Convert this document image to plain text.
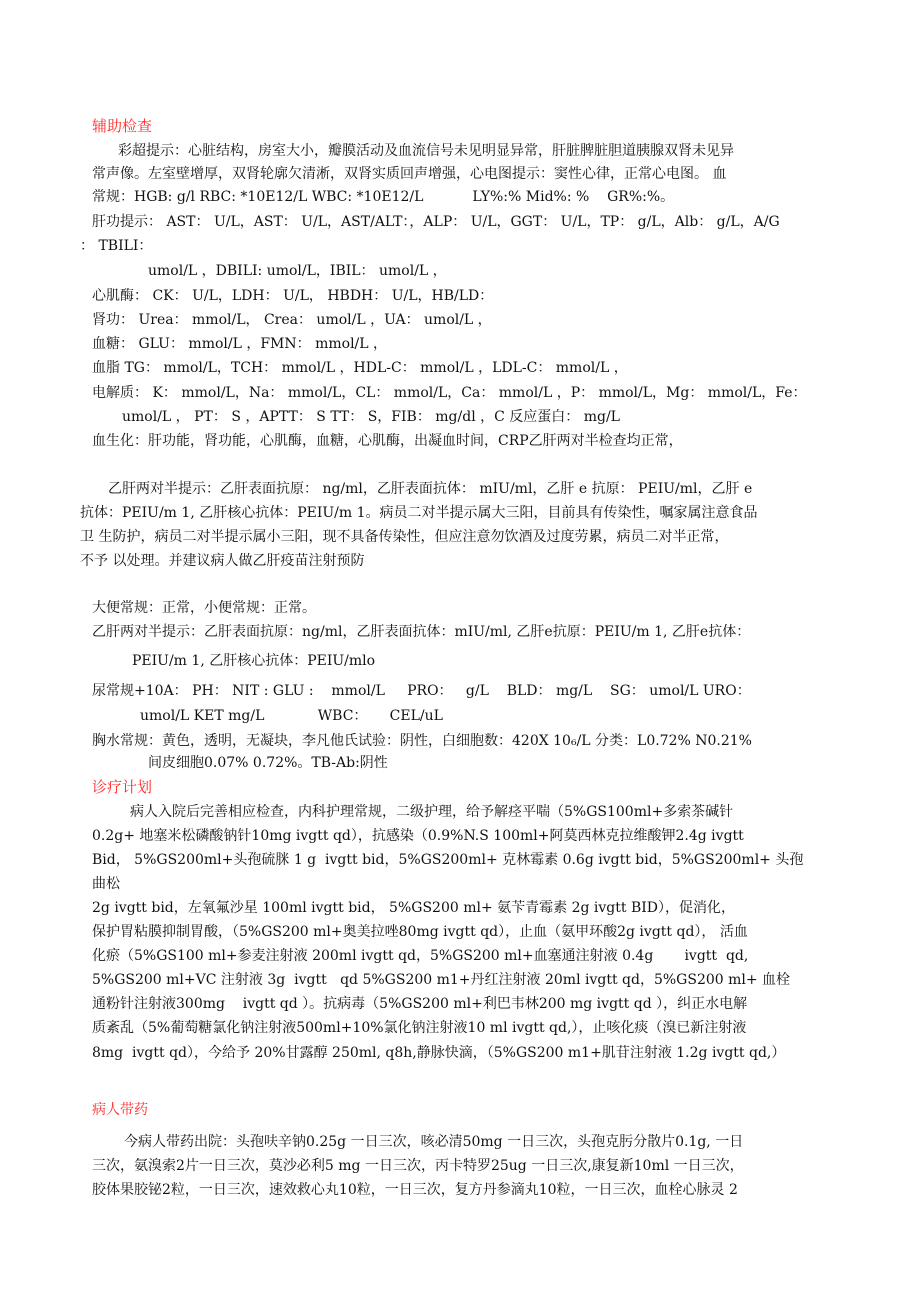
辅助检查
彩超提示：心脏结构，房室大小，瓣膜活动及血流信号未见明显异常，肝脏脾脏胆道胰腺双肾未见异
常声像。左室壁增厚，双肾轮廓欠清淅，双肾实质回声增强，心电图提示：窦性心律，正常心电图。 血
常规：HGB: g/l RBC: *10E12/L WBC: *10E12/L           LY%:% Mid%: %    GR%:%。
肝功提示： AST： U/L，AST： U/L，AST/ALT：，ALP： U/L，GGT： U/L，TP： g/L，Alb： g/L，A/G
： TBILI：
umol/L ，DBILI: umol/L，IBIL： umol/L ，
心肌酶： CK： U/L，LDH： U/L， HBDH： U/L，HB/LD：
肾功： Urea： mmol/L， Crea： umol/L ，UA： umol/L ，
血糖： GLU： mmol/L ，FMN： mmol/L ，
血脂 TG： mmol/L，TCH： mmol/L ，HDL-C： mmol/L ，LDL-C： mmol/L ，
电解质： K： mmol/L，Na： mmol/L，CL： mmol/L，Ca： mmol/L ，P： mmol/L，Mg： mmol/L，Fe：
umol/L ， PT： S ，APTT： S TT： S，FIB： mg/dl ，C 反应蛋白： mg/L
血生化：肝功能，肾功能，心肌酶，血糖，心肌酶，出凝血时间，CRP乙肝两对半检查均正常，
乙肝两对半提示：乙肝表面抗原： ng/ml，乙肝表面抗体： mIU/ml，乙肝 e 抗原： PEIU/ml，乙肝 e
抗体：PEIU/m 1, 乙肝核心抗体：PEIU/m 1。病员二对半提示属大三阳，目前具有传染性，嘱家属注意食品
卫 生防护，病员二对半提示属小三阳，现不具备传染性，但应注意勿饮酒及过度劳累，病员二对半正常，
不予 以处理。并建议病人做乙肝疫苗注射预防
大便常规：正常，小便常规：正常。
乙肝两对半提示：乙肝表面抗原：ng/ml，乙肝表面抗体：mIU/ml, 乙肝e抗原：PEIU/m 1, 乙肝e抗体：
PEIU/m 1, 乙肝核心抗体：PEIU/mlo
尿常规+10A： PH： NIT : GLU :    mmol/L     PRO：   g/L    BLD： mg/L    SG： umol/L URO：
umol/L KET mg/L            WBC：     CEL/uL
胸水常规：黄色，透明，无凝块，李凡他氏试验：阴性，白细胞数：420X 10₆/L 分类：L0.72% N0.21%
间皮细胞0.07% 0.72%。TB-Ab:阴性
诊疗计划
病人入院后完善相应检查，内科护理常规，二级护理，给予解痉平喘（5%GS100ml+多索茶碱针
0.2g+ 地塞米松磷酸钠针10mg ivgtt qd），抗感染（0.9%N.S 100ml+阿莫西林克拉维酸钾2.4g ivgtt
Bid， 5%GS200ml+头孢硫脒 1 g  ivgtt bid，5%GS200ml+ 克林霉素 0.6g ivgtt bid，5%GS200ml+ 头孢
曲松
2g ivgtt bid，左氧氟沙星 100ml ivgtt bid， 5%GS200 ml+ 氨苄青霉素 2g ivgtt BID），促消化，
保护胃粘膜抑制胃酸，（5%GS200 ml+奥美拉唑80mg ivgtt qd），止血（氨甲环酸2g ivgtt qd）， 活血
化瘀（5%GS100 ml+参麦注射液 200ml ivgtt qd，5%GS200 ml+血塞通注射液 0.4g       ivgtt  qd,
5%GS200 ml+VC 注射液 3g  ivgtt   qd 5%GS200 m1+丹红注射液 20ml ivgtt qd，5%GS200 ml+ 血栓
通粉针注射液300mg    ivgtt qd ）。抗病毒（5%GS200 ml+利巴韦林200 mg ivgtt qd ），纠正水电解
质紊乱（5%葡萄糖氯化钠注射液500ml+10%氯化钠注射液10 ml ivgtt qd,），止咳化痰（溴已新注射液
8mg  ivgtt qd），今给予 20%甘露醇 250ml, q8h,静脉快滴，（5%GS200 m1+肌苷注射液 1.2g ivgtt qd,）
病人带药
今病人带药出院：头孢呋辛钠0.25g 一日三次，咳必清50mg 一日三次，头孢克肟分散片0.1g, 一日
三次，氨溴索2片一日三次，莫沙必利5 mg 一日三次，丙卡特罗25ug 一日三次,康复新10ml 一日三次，
胶体果胶铋2粒，一日三次，速效救心丸10粒，一日三次，复方丹参滴丸10粒，一日三次，血栓心脉灵 2
